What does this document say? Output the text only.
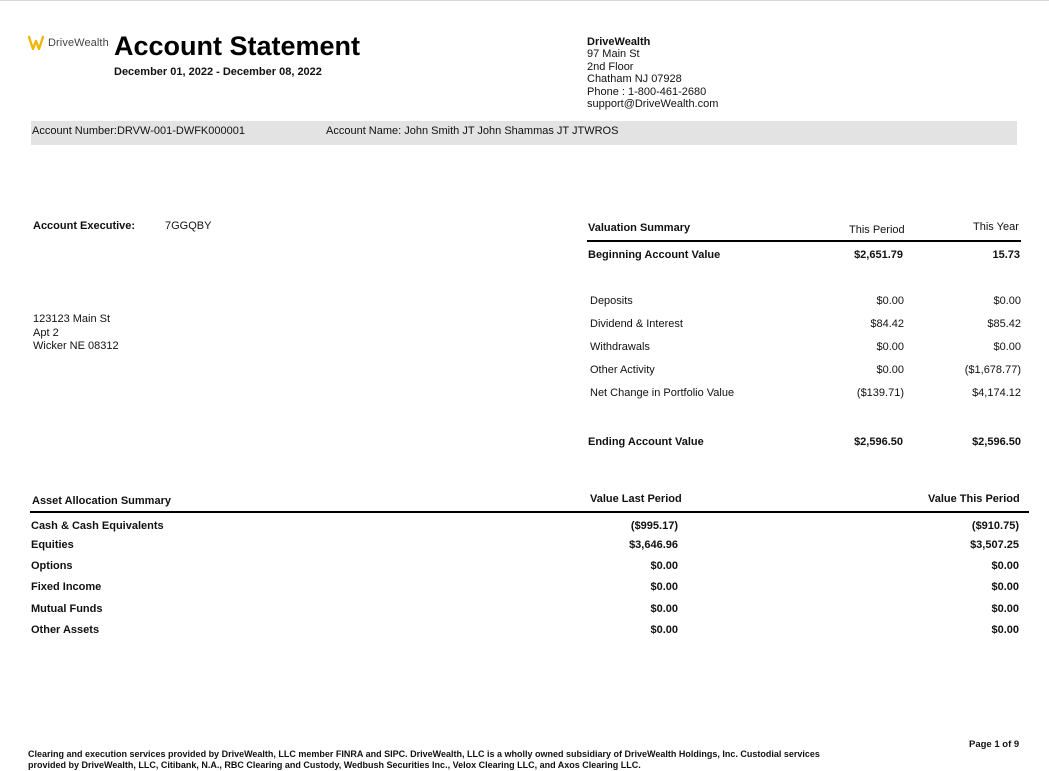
DriveWealth Account Statement
December 01, 2022 - December 08, 2022
DriveWealth
97 Main St
2nd Floor
Chatham NJ 07928
Phone : 1-800-461-2680
support@DriveWealth.com
Account Number:DRVW-001-DWFK000001	Account Name: John Smith JT John Shammas JT JTWROS
Account Executive:	7GGQBY
123123 Main St
Apt 2
Wicker NE 08312
Valuation Summary	This Period	This Year
Beginning Account Value	$2,651.79	15.73
Deposits	$0.00	$0.00
Dividend & Interest	$84.42	$85.42
Withdrawals	$0.00	$0.00
Other Activity	$0.00	($1,678.77)
Net Change in Portfolio Value	($139.71)	$4,174.12
Ending Account Value	$2,596.50	$2,596.50
Asset Allocation Summary	Value Last Period	Value This Period
Cash & Cash Equivalents	($995.17)	($910.75)
Equities	$3,646.96	$3,507.25
Options	$0.00	$0.00
Fixed Income	$0.00	$0.00
Mutual Funds	$0.00	$0.00
Other Assets	$0.00	$0.00
Clearing and execution services provided by DriveWealth, LLC member FINRA and SIPC. DriveWealth, LLC is a wholly owned subsidiary of DriveWealth Holdings, Inc. Custodial services provided by DriveWealth, LLC, Citibank, N.A., RBC Clearing and Custody, Wedbush Securities Inc., Velox Clearing LLC, and Axos Clearing LLC.
Page 1 of 9
